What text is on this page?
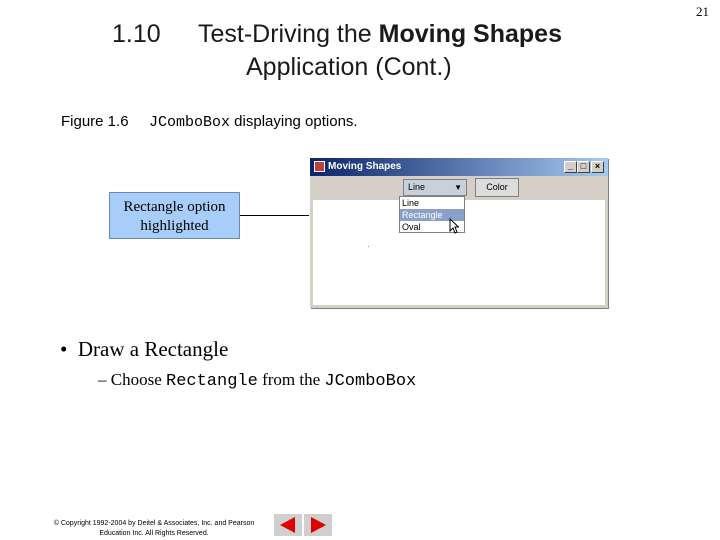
21
1.10 Test-Driving the Moving Shapes
Application (Cont.)
Figure 1.6 JComboBox displaying options.
Rectangle option
highlighted
Moving Shapes	_ □ ×
Line	▼	Color
Line
Rectangle
Oval
•  Draw a Rectangle
– Choose Rectangle from the JComboBox
© Copyright 1992-2004 by Deitel & Associates, Inc. and Pearson
Education Inc. All Rights Reserved.
